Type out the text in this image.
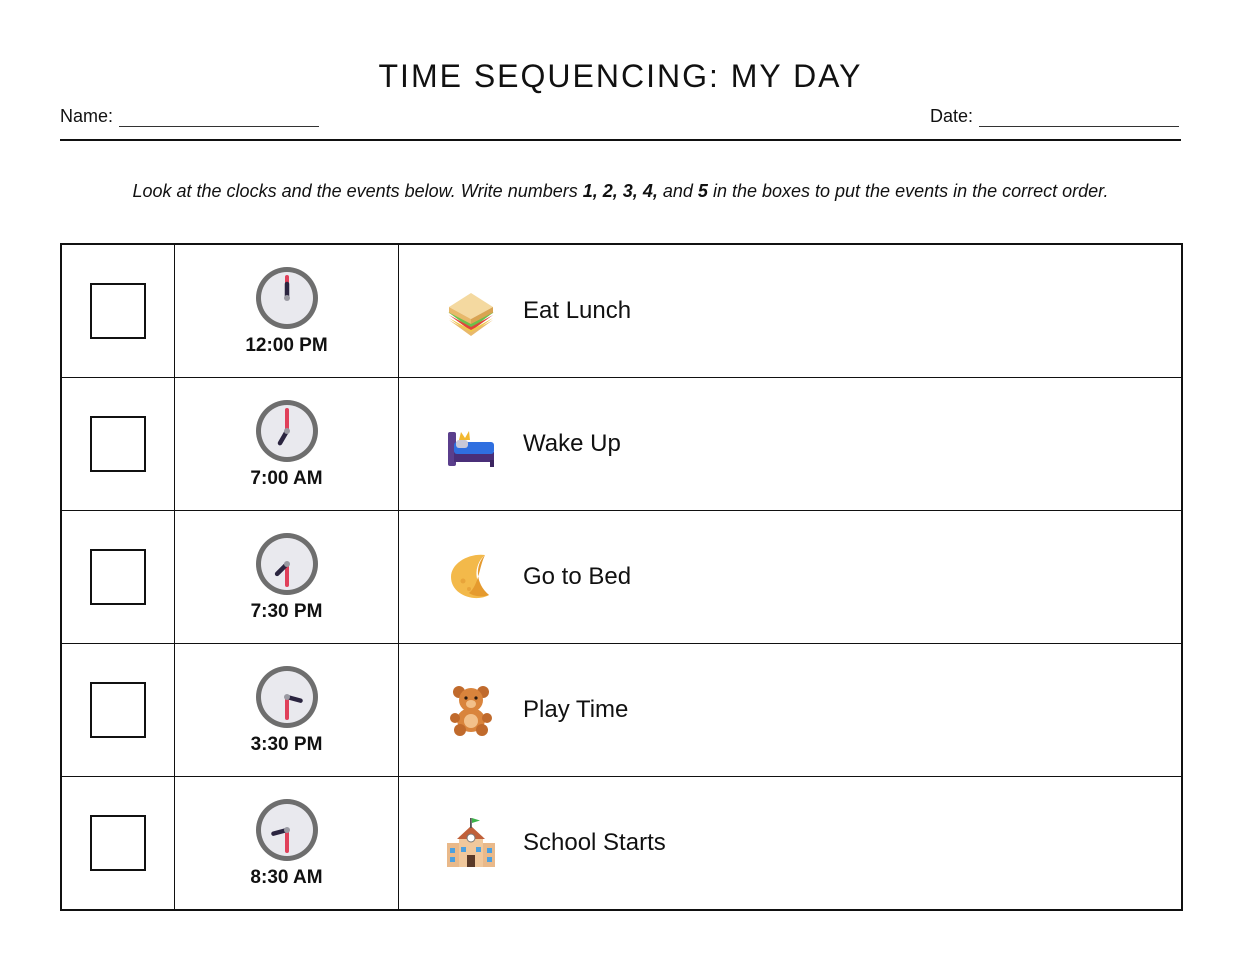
TIME SEQUENCING: MY DAY
Name:	Date:
Look at the clocks and the events below. Write numbers 1, 2, 3, 4, and 5 in the boxes to put the events in the correct order.

	12:00 PM	Eat Lunch

	7:00 AM	Wake Up

	7:30 PM	Go to Bed

	3:30 PM	Play Time

	8:30 AM	School Starts
